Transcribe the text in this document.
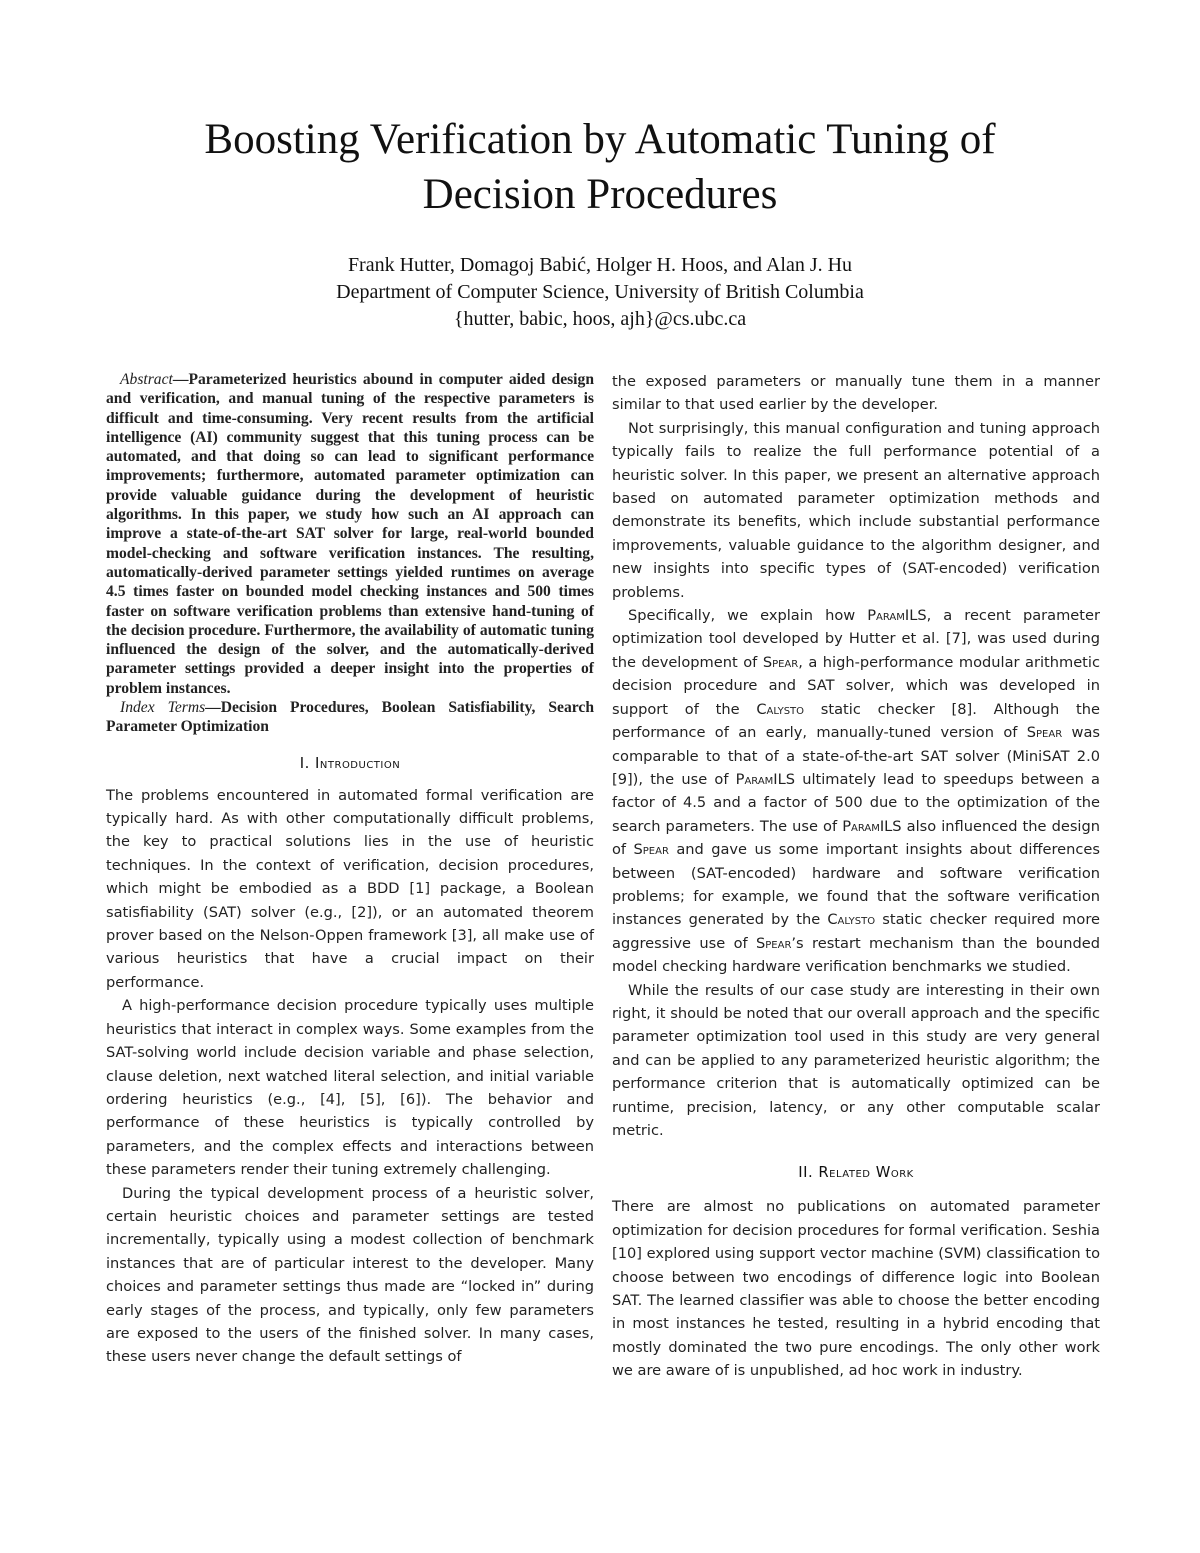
Boosting Verification by Automatic Tuning of
Decision Procedures
Frank Hutter, Domagoj Babić, Holger H. Hoos, and Alan J. Hu
Department of Computer Science, University of British Columbia
{hutter, babic, hoos, ajh}@cs.ubc.ca

Abstract—Parameterized heuristics abound in computer aided design and verification, and manual tuning of the respective parameters is difficult and time-consuming. Very recent results from the artificial intelligence (AI) community suggest that this tuning process can be automated, and that doing so can lead to significant performance improvements; furthermore, automated parameter optimization can provide valuable guidance during the development of heuristic algorithms. In this paper, we study how such an AI approach can improve a state-of-the-art SAT solver for large, real-world bounded model-checking and software verification instances. The resulting, automatically-derived parameter settings yielded runtimes on average 4.5 times faster on bounded model checking instances and 500 times faster on software verification problems than extensive hand-tuning of the decision procedure. Furthermore, the availability of automatic tuning influenced the design of the solver, and the automatically-derived parameter settings provided a deeper insight into the properties of problem instances.

Index Terms—Decision Procedures, Boolean Satisfiability, Search Parameter Optimization

I. Introduction

The problems encountered in automated formal verification are typically hard. As with other computationally difficult problems, the key to practical solutions lies in the use of heuristic techniques. In the context of verification, decision procedures, which might be embodied as a BDD [1] package, a Boolean satisfiability (SAT) solver (e.g., [2]), or an automated theorem prover based on the Nelson-Oppen framework [3], all make use of various heuristics that have a crucial impact on their performance.

A high-performance decision procedure typically uses multiple heuristics that interact in complex ways. Some examples from the SAT-solving world include decision variable and phase selection, clause deletion, next watched literal selection, and initial variable ordering heuristics (e.g., [4], [5], [6]). The behavior and performance of these heuristics is typically controlled by parameters, and the complex effects and interactions between these parameters render their tuning extremely challenging.

During the typical development process of a heuristic solver, certain heuristic choices and parameter settings are tested incrementally, typically using a modest collection of benchmark instances that are of particular interest to the developer. Many choices and parameter settings thus made are “locked in” during early stages of the process, and typically, only few parameters are exposed to the users of the finished solver. In many cases, these users never change the default settings of

the exposed parameters or manually tune them in a manner similar to that used earlier by the developer.

Not surprisingly, this manual configuration and tuning approach typically fails to realize the full performance potential of a heuristic solver. In this paper, we present an alternative approach based on automated parameter optimization methods and demonstrate its benefits, which include substantial performance improvements, valuable guidance to the algorithm designer, and new insights into specific types of (SAT-encoded) verification problems.

Specifically, we explain how ParamILS, a recent parameter optimization tool developed by Hutter et al. [7], was used during the development of Spear, a high-performance modular arithmetic decision procedure and SAT solver, which was developed in support of the Calysto static checker [8]. Although the performance of an early, manually-tuned version of Spear was comparable to that of a state-of-the-art SAT solver (MiniSAT 2.0 [9]), the use of ParamILS ultimately lead to speedups between a factor of 4.5 and a factor of 500 due to the optimization of the search parameters. The use of ParamILS also influenced the design of Spear and gave us some important insights about differences between (SAT-encoded) hardware and software verification problems; for example, we found that the software verification instances generated by the Calysto static checker required more aggressive use of Spear’s restart mechanism than the bounded model checking hardware verification benchmarks we studied.

While the results of our case study are interesting in their own right, it should be noted that our overall approach and the specific parameter optimization tool used in this study are very general and can be applied to any parameterized heuristic algorithm; the performance criterion that is automatically optimized can be runtime, precision, latency, or any other computable scalar metric.

II. Related Work

There are almost no publications on automated parameter optimization for decision procedures for formal verification. Seshia [10] explored using support vector machine (SVM) classification to choose between two encodings of difference logic into Boolean SAT. The learned classifier was able to choose the better encoding in most instances he tested, resulting in a hybrid encoding that mostly dominated the two pure encodings. The only other work we are aware of is unpublished, ad hoc work in industry.
